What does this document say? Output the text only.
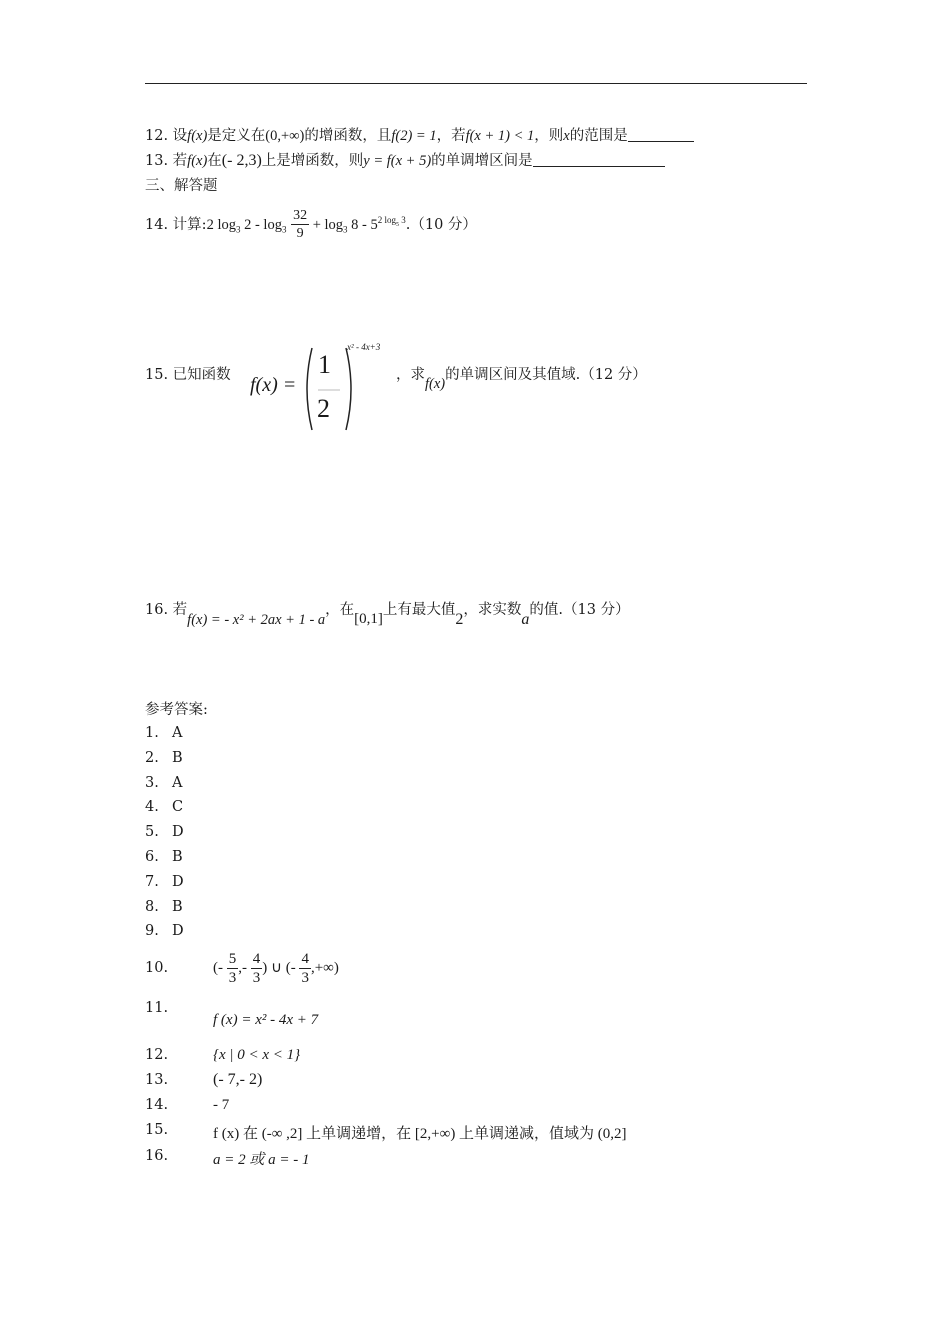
12. 设f(x)是定义在(0,+∞)的增函数，且f(2) = 1，若f(x + 1) < 1，则x的范围是
13. 若f(x)在(- 2,3)上是增函数，则y = f(x + 5)的单调增区间是
三、解答题
14. 计算:2 $\log_3 2 - \log_3 \frac{32}{9} + \log_3 8 - 5^{2 log_5 3}.(10$ 分）
15. 已知函数 f(x) =
1
2
x² - 4x+3
，求f(x)的单调区间及其值域.（12 分）
16. 若f(x) = - x² + 2ax + 1 - a，在[0,1]上有最大值2，求实数a的值.（13 分）
参考答案:
1. A
2. B
3. A
4. C
5. D
6. B
7. D
8. B
9. D
10.	(- $\frac{5}{3}$ ,- $\frac{4}{3}$ ) ∪ (- $\frac{4}{3}$ ,+∞)
11.
f (x) = x² - 4x + 7
12.	{x | 0 < x < 1}
13.	(- 7,- 2)
14.	- 7
15.	f (x) 在 (-∞ ,2] 上单调递增，在 [2,+∞) 上单调递减，值域为 (0,2]
16.	a = 2 或 a = - 1
